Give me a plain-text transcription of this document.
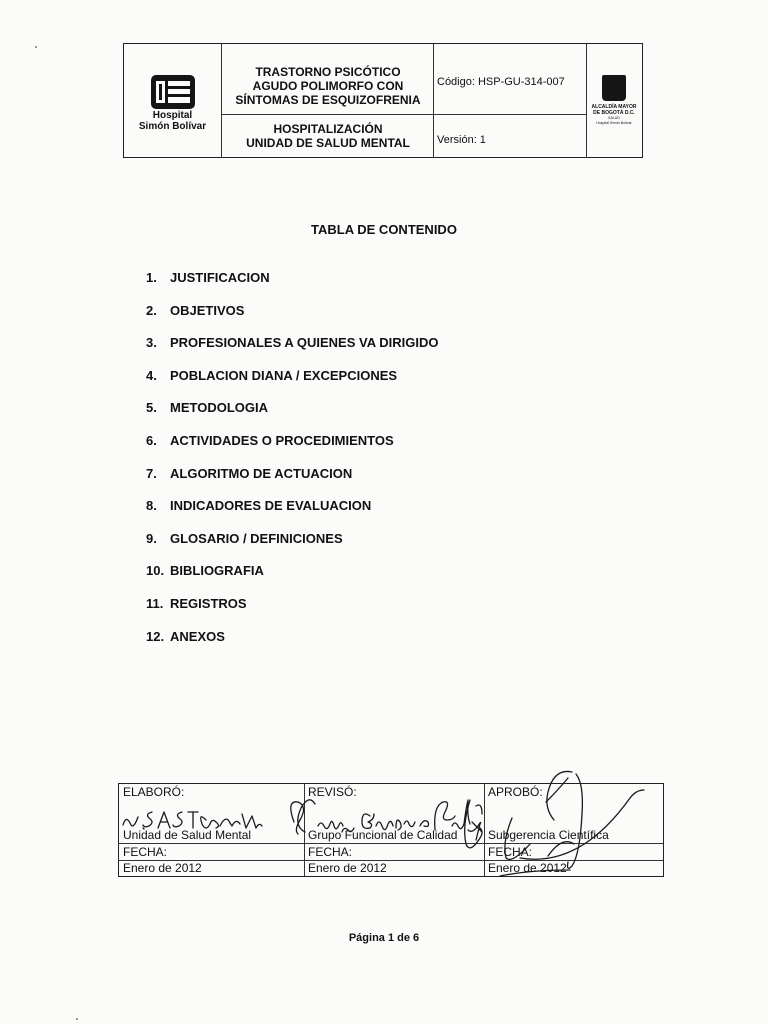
Hospital
Simón Bolívar
TRASTORNO PSICÓTICO
AGUDO POLIMORFO CON
SÍNTOMAS DE ESQUIZOFRENIA
HOSPITALIZACIÓN
UNIDAD DE SALUD MENTAL
Código: HSP-GU-314-007
Versión: 1
ALCALDÍA MAYOR
DE BOGOTÁ D.C.
SALUD
Hospital Simón Bolívar
TABLA DE CONTENIDO
1. JUSTIFICACION
2. OBJETIVOS
3. PROFESIONALES A QUIENES VA DIRIGIDO
4. POBLACION DIANA / EXCEPCIONES
5. METODOLOGIA
6. ACTIVIDADES O PROCEDIMIENTOS
7. ALGORITMO DE ACTUACION
8. INDICADORES DE EVALUACION
9. GLOSARIO / DEFINICIONES
10. BIBLIOGRAFIA
11. REGISTROS
12. ANEXOS
ELABORÓ:
Unidad de Salud Mental
FECHA:
Enero de 2012
REVISÓ:
Grupo Funcional de Calidad
FECHA:
Enero de 2012
APROBÓ:
Subgerencia Científica
FECHA:
Enero de 2012
Página 1 de 6
